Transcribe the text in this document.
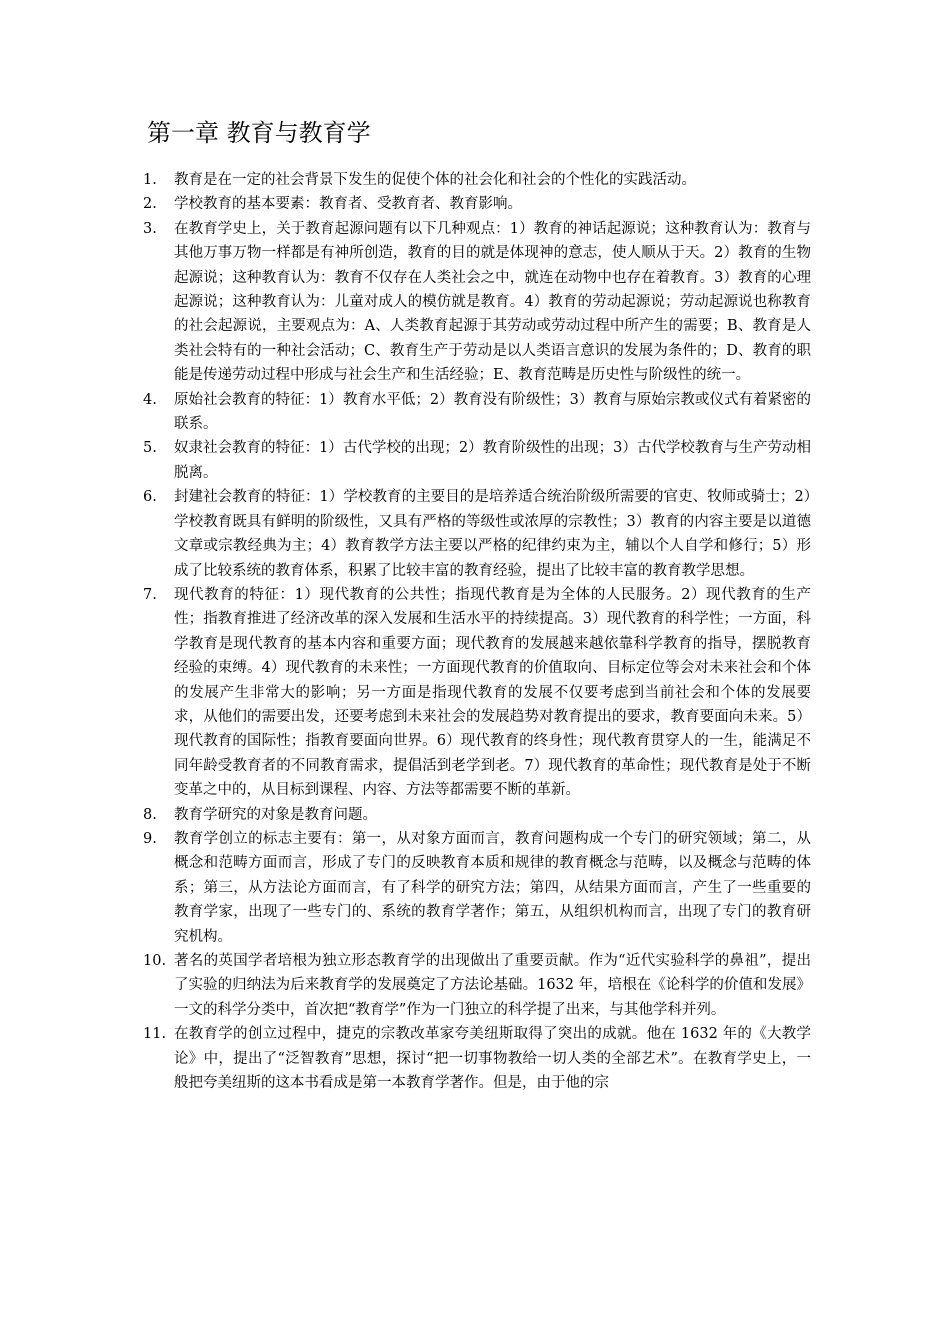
第一章 教育与教育学
1.	教育是在一定的社会背景下发生的促使个体的社会化和社会的个性化的实践活动。
2.	学校教育的基本要素：教育者、受教育者、教育影响。
3.	在教育学史上，关于教育起源问题有以下几种观点：1）教育的神话起源说；这种教育认为：教育与其他万事万物一样都是有神所创造，教育的目的就是体现神的意志，使人顺从于天。2）教育的生物起源说；这种教育认为：教育不仅存在人类社会之中，就连在动物中也存在着教育。3）教育的心理起源说；这种教育认为：儿童对成人的模仿就是教育。4）教育的劳动起源说；劳动起源说也称教育的社会起源说，主要观点为：A、人类教育起源于其劳动或劳动过程中所产生的需要；B、教育是人类社会特有的一种社会活动；C、教育生产于劳动是以人类语言意识的发展为条件的；D、教育的职能是传递劳动过程中形成与社会生产和生活经验；E、教育范畴是历史性与阶级性的统一。
4.	原始社会教育的特征：1）教育水平低；2）教育没有阶级性；3）教育与原始宗教或仪式有着紧密的联系。
5.	奴隶社会教育的特征：1）古代学校的出现；2）教育阶级性的出现；3）古代学校教育与生产劳动相脱离。
6.	封建社会教育的特征：1）学校教育的主要目的是培养适合统治阶级所需要的官吏、牧师或骑士；2）学校教育既具有鲜明的阶级性，又具有严格的等级性或浓厚的宗教性；3）教育的内容主要是以道德文章或宗教经典为主；4）教育教学方法主要以严格的纪律约束为主，辅以个人自学和修行；5）形成了比较系统的教育体系，积累了比较丰富的教育经验，提出了比较丰富的教育教学思想。
7.	现代教育的特征：1）现代教育的公共性；指现代教育是为全体的人民服务。2）现代教育的生产性；指教育推进了经济改革的深入发展和生活水平的持续提高。3）现代教育的科学性；一方面，科学教育是现代教育的基本内容和重要方面；现代教育的发展越来越依靠科学教育的指导，摆脱教育经验的束缚。4）现代教育的未来性；一方面现代教育的价值取向、目标定位等会对未来社会和个体的发展产生非常大的影响；另一方面是指现代教育的发展不仅要考虑到当前社会和个体的发展要求，从他们的需要出发，还要考虑到未来社会的发展趋势对教育提出的要求，教育要面向未来。5）现代教育的国际性；指教育要面向世界。6）现代教育的终身性；现代教育贯穿人的一生，能满足不同年龄受教育者的不同教育需求，提倡活到老学到老。7）现代教育的革命性；现代教育是处于不断变革之中的，从目标到课程、内容、方法等都需要不断的革新。
8.	教育学研究的对象是教育问题。
9.	教育学创立的标志主要有：第一，从对象方面而言，教育问题构成一个专门的研究领域；第二，从概念和范畴方面而言，形成了专门的反映教育本质和规律的教育概念与范畴，以及概念与范畴的体系；第三，从方法论方面而言，有了科学的研究方法；第四，从结果方面而言，产生了一些重要的教育学家，出现了一些专门的、系统的教育学著作；第五，从组织机构而言，出现了专门的教育研究机构。
10. 著名的英国学者培根为独立形态教育学的出现做出了重要贡献。作为“近代实验科学的鼻祖”，提出了实验的归纳法为后来教育学的发展奠定了方法论基础。1632 年，培根在《论科学的价值和发展》一文的科学分类中，首次把“教育学”作为一门独立的科学提了出来，与其他学科并列。
11. 在教育学的创立过程中，捷克的宗教改革家夸美纽斯取得了突出的成就。他在 1632 年的《大教学论》中，提出了“泛智教育”思想，探讨“把一切事物教给一切人类的全部艺术”。在教育学史上，一般把夸美纽斯的这本书看成是第一本教育学著作。但是，由于他的宗
